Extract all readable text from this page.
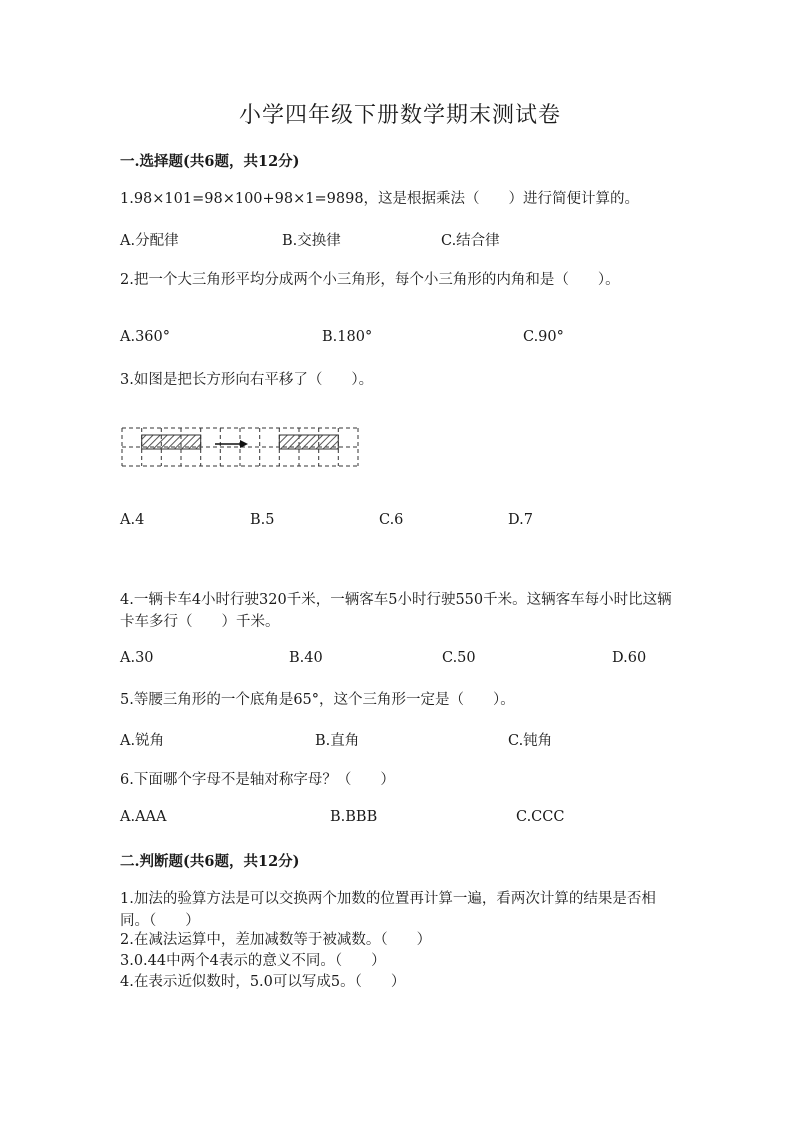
小学四年级下册数学期末测试卷
一.选择题(共6题，共12分)
1.98×101=98×100+98×1=9898，这是根据乘法（　　）进行简便计算的。
A.分配律	B.交换律	C.结合律
2.把一个大三角形平均分成两个小三角形，每个小三角形的内角和是（　　）。
A.360°	B.180°	C.90°
3.如图是把长方形向右平移了（　　）。
A.4	B.5	C.6	D.7
4.一辆卡车4小时行驶320千米，一辆客车5小时行驶550千米。这辆客车每小时比这辆卡车多行（　　）千米。
A.30	B.40	C.50	D.60
5.等腰三角形的一个底角是65°，这个三角形一定是（　　）。
A.锐角	B.直角	C.钝角
6.下面哪个字母不是轴对称字母？（　　）
A.AAA	B.BBB	C.CCC
二.判断题(共6题，共12分)
1.加法的验算方法是可以交换两个加数的位置再计算一遍，看两次计算的结果是否相同。（　　）
2.在减法运算中，差加减数等于被减数。（　　）
3.0.44中两个4表示的意义不同。（　　）
4.在表示近似数时，5.0可以写成5。（　　）
